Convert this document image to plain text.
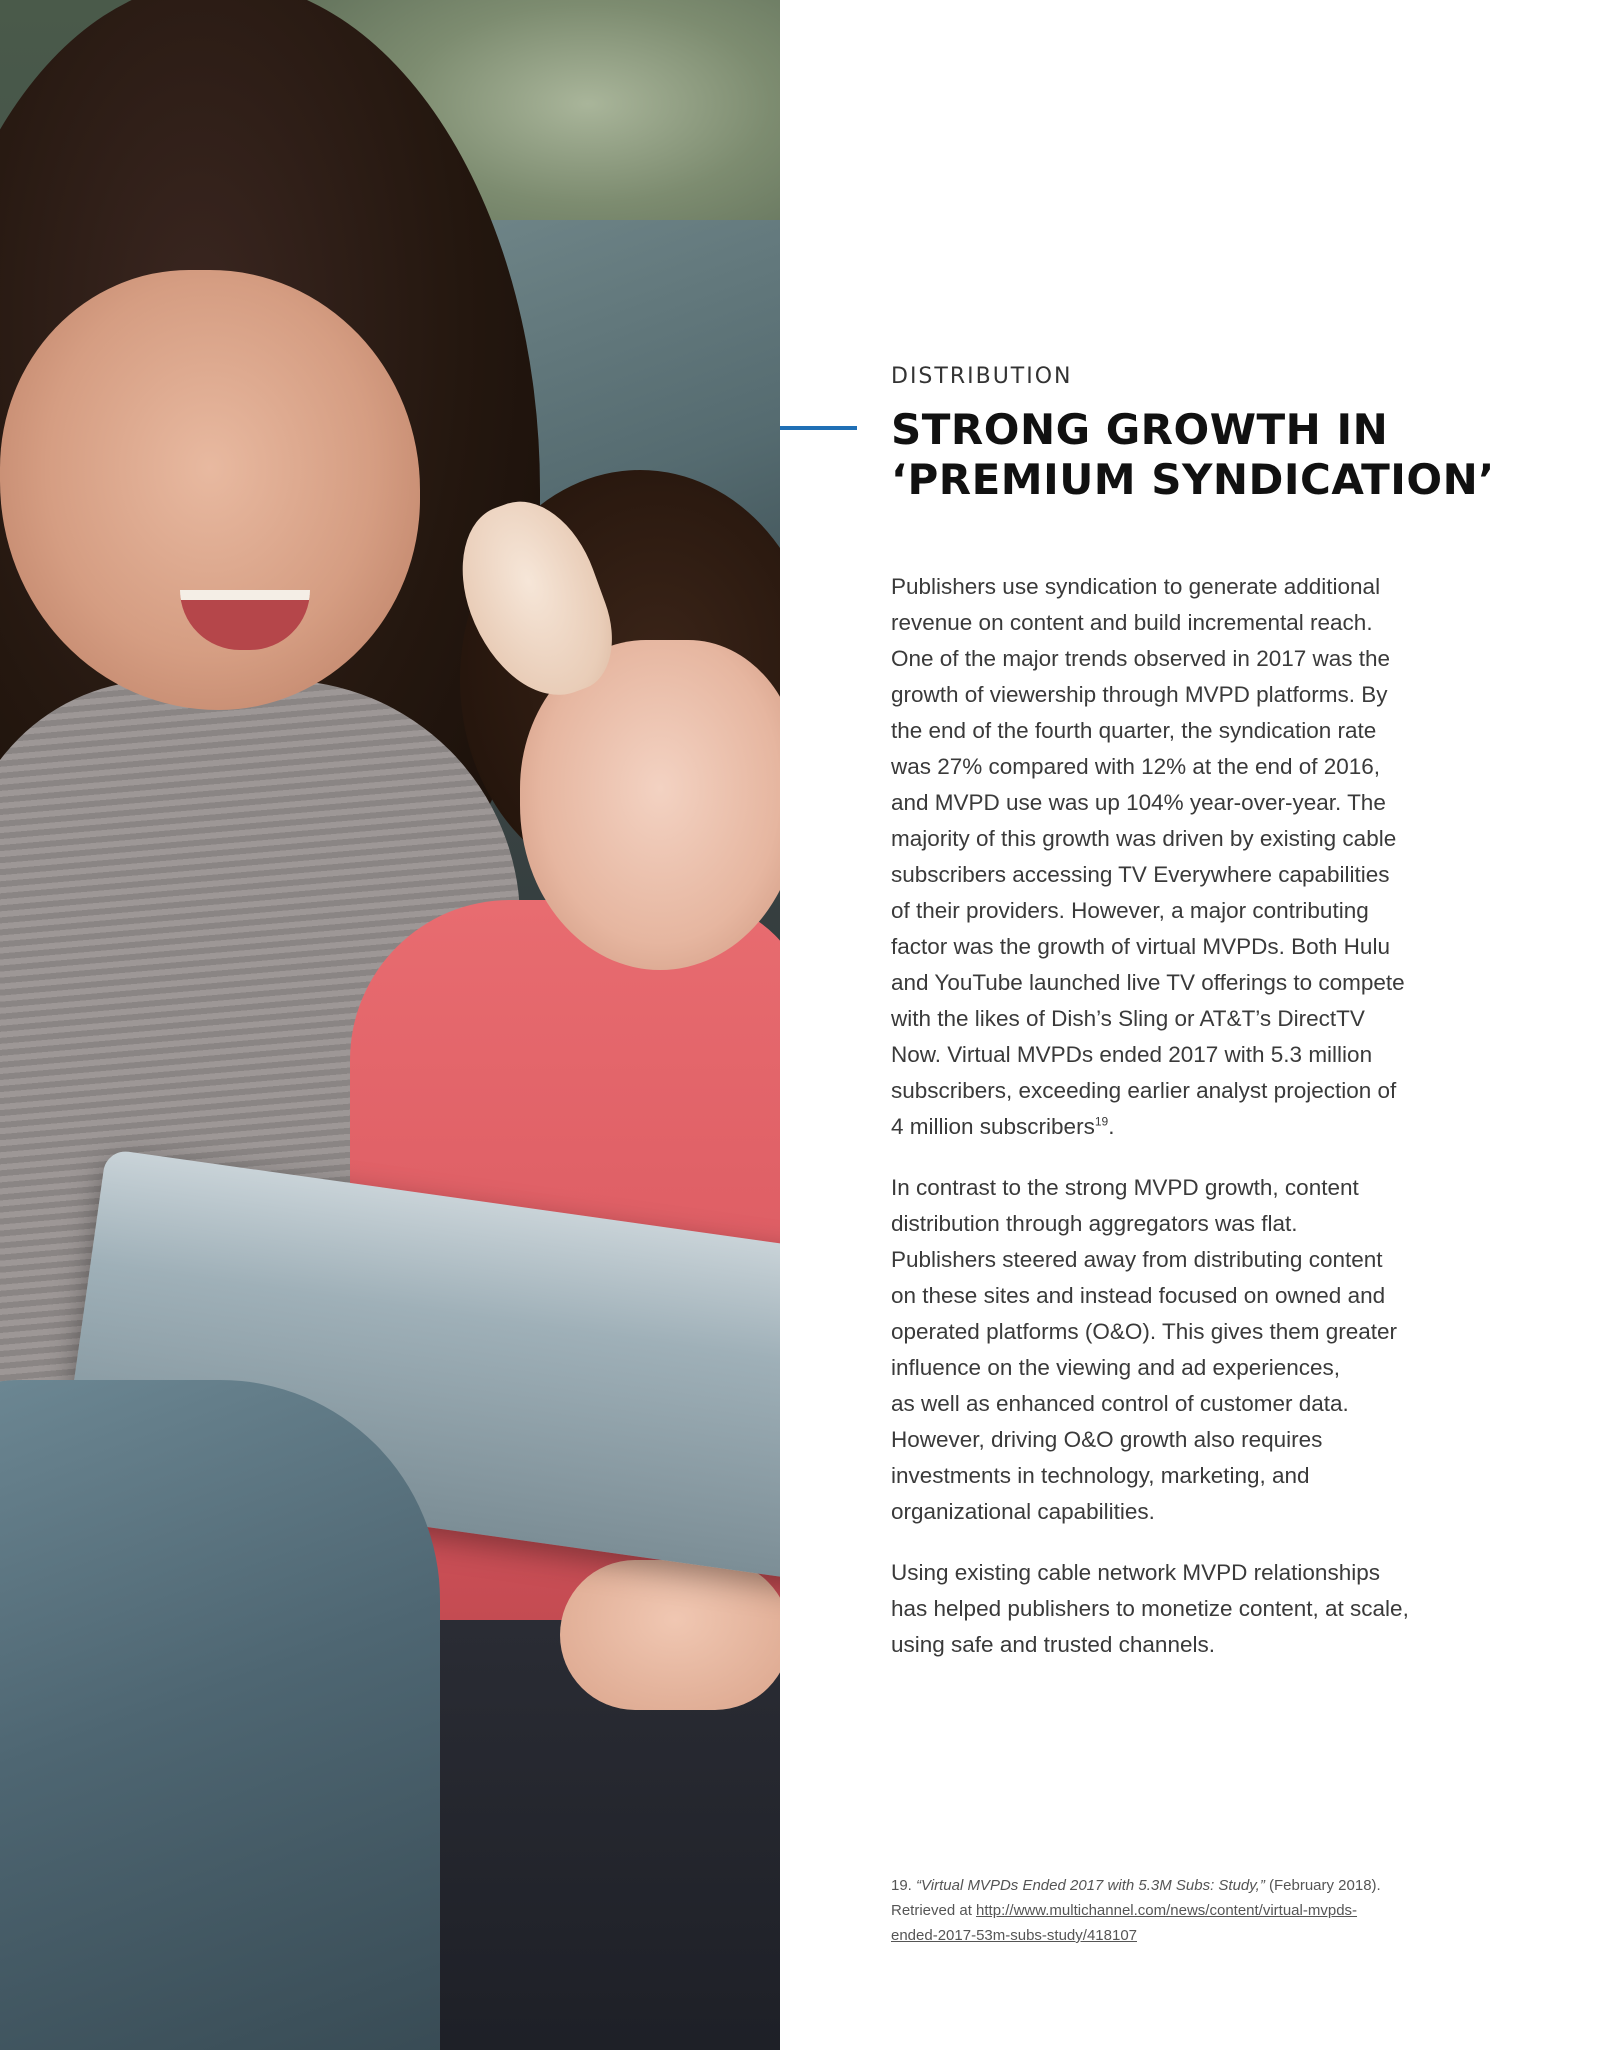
DISTRIBUTION

STRONG GROWTH IN
‘PREMIUM SYNDICATION’

Publishers use syndication to generate additional
revenue on content and build incremental reach.
One of the major trends observed in 2017 was the
growth of viewership through MVPD platforms. By
the end of the fourth quarter, the syndication rate
was 27% compared with 12% at the end of 2016,
and MVPD use was up 104% year-over-year. The
majority of this growth was driven by existing cable
subscribers accessing TV Everywhere capabilities
of their providers. However, a major contributing
factor was the growth of virtual MVPDs. Both Hulu
and YouTube launched live TV offerings to compete
with the likes of Dish’s Sling or AT&T’s DirectTV
Now. Virtual MVPDs ended 2017 with 5.3 million
subscribers, exceeding earlier analyst projection of
4 million subscribers$^{19}$.

In contrast to the strong MVPD growth, content
distribution through aggregators was flat.
Publishers steered away from distributing content
on these sites and instead focused on owned and
operated platforms (O&O). This gives them greater
influence on the viewing and ad experiences,
as well as enhanced control of customer data.
However, driving O&O growth also requires
investments in technology, marketing, and
organizational capabilities.

Using existing cable network MVPD relationships
has helped publishers to monetize content, at scale,
using safe and trusted channels.

19. “Virtual MVPDs Ended 2017 with 5.3M Subs: Study,” (February 2018).
Retrieved at http://www.multichannel.com/news/content/virtual-mvpds-
ended-2017-53m-subs-study/418107
